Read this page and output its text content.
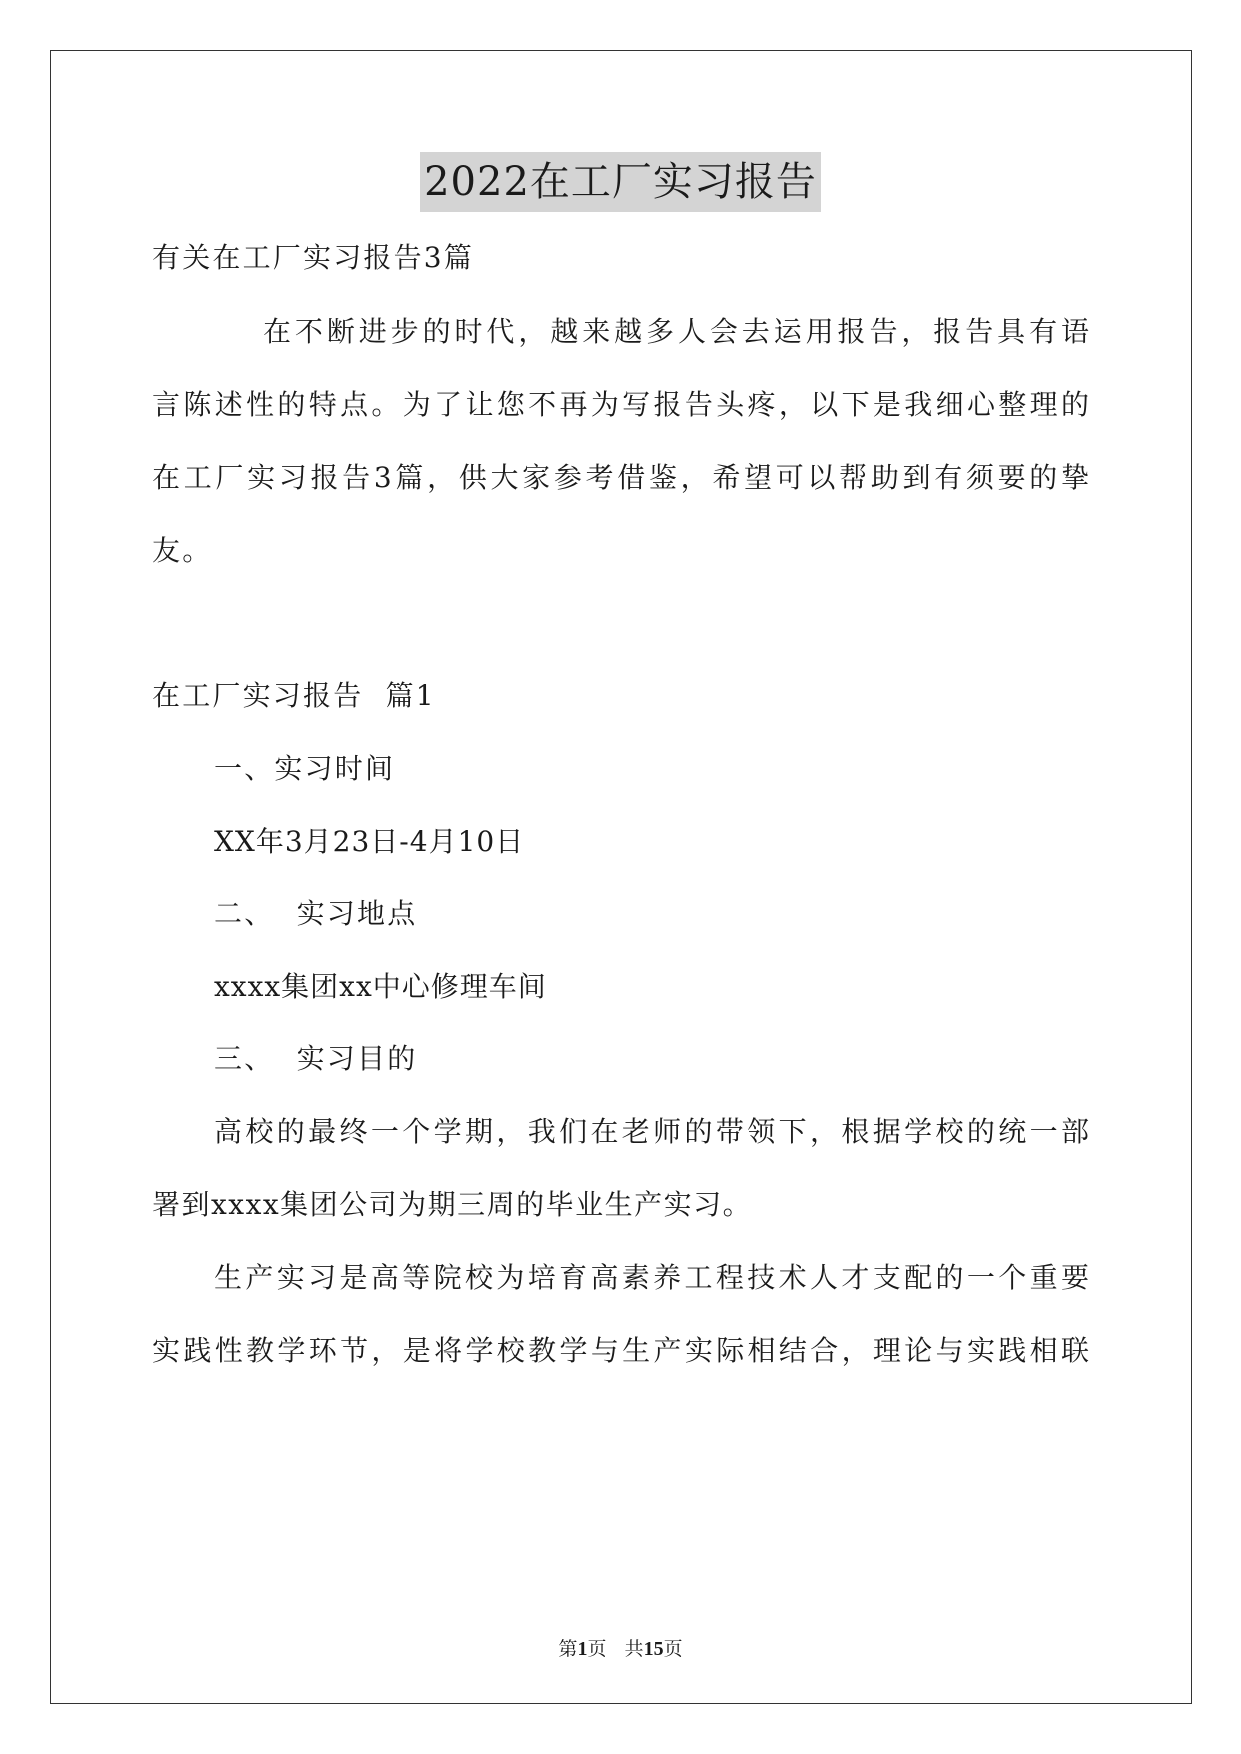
2022在工厂实习报告
有关在工厂实习报告3篇
在不断进步的时代，越来越多人会去运用报告，报告具有语
言陈述性的特点。为了让您不再为写报告头疼，以下是我细心整理的
在工厂实习报告3篇，供大家参考借鉴，希望可以帮助到有须要的挚
友。
在工厂实习报告  篇1
一、实习时间
XX年3月23日-4月10日
二、  实习地点
xxxx集团xx中心修理车间
三、  实习目的
高校的最终一个学期，我们在老师的带领下，根据学校的统一部
署到xxxx集团公司为期三周的毕业生产实习。
生产实习是高等院校为培育高素养工程技术人才支配的一个重要
实践性教学环节，是将学校教学与生产实际相结合，理论与实践相联
第1页   共15页
